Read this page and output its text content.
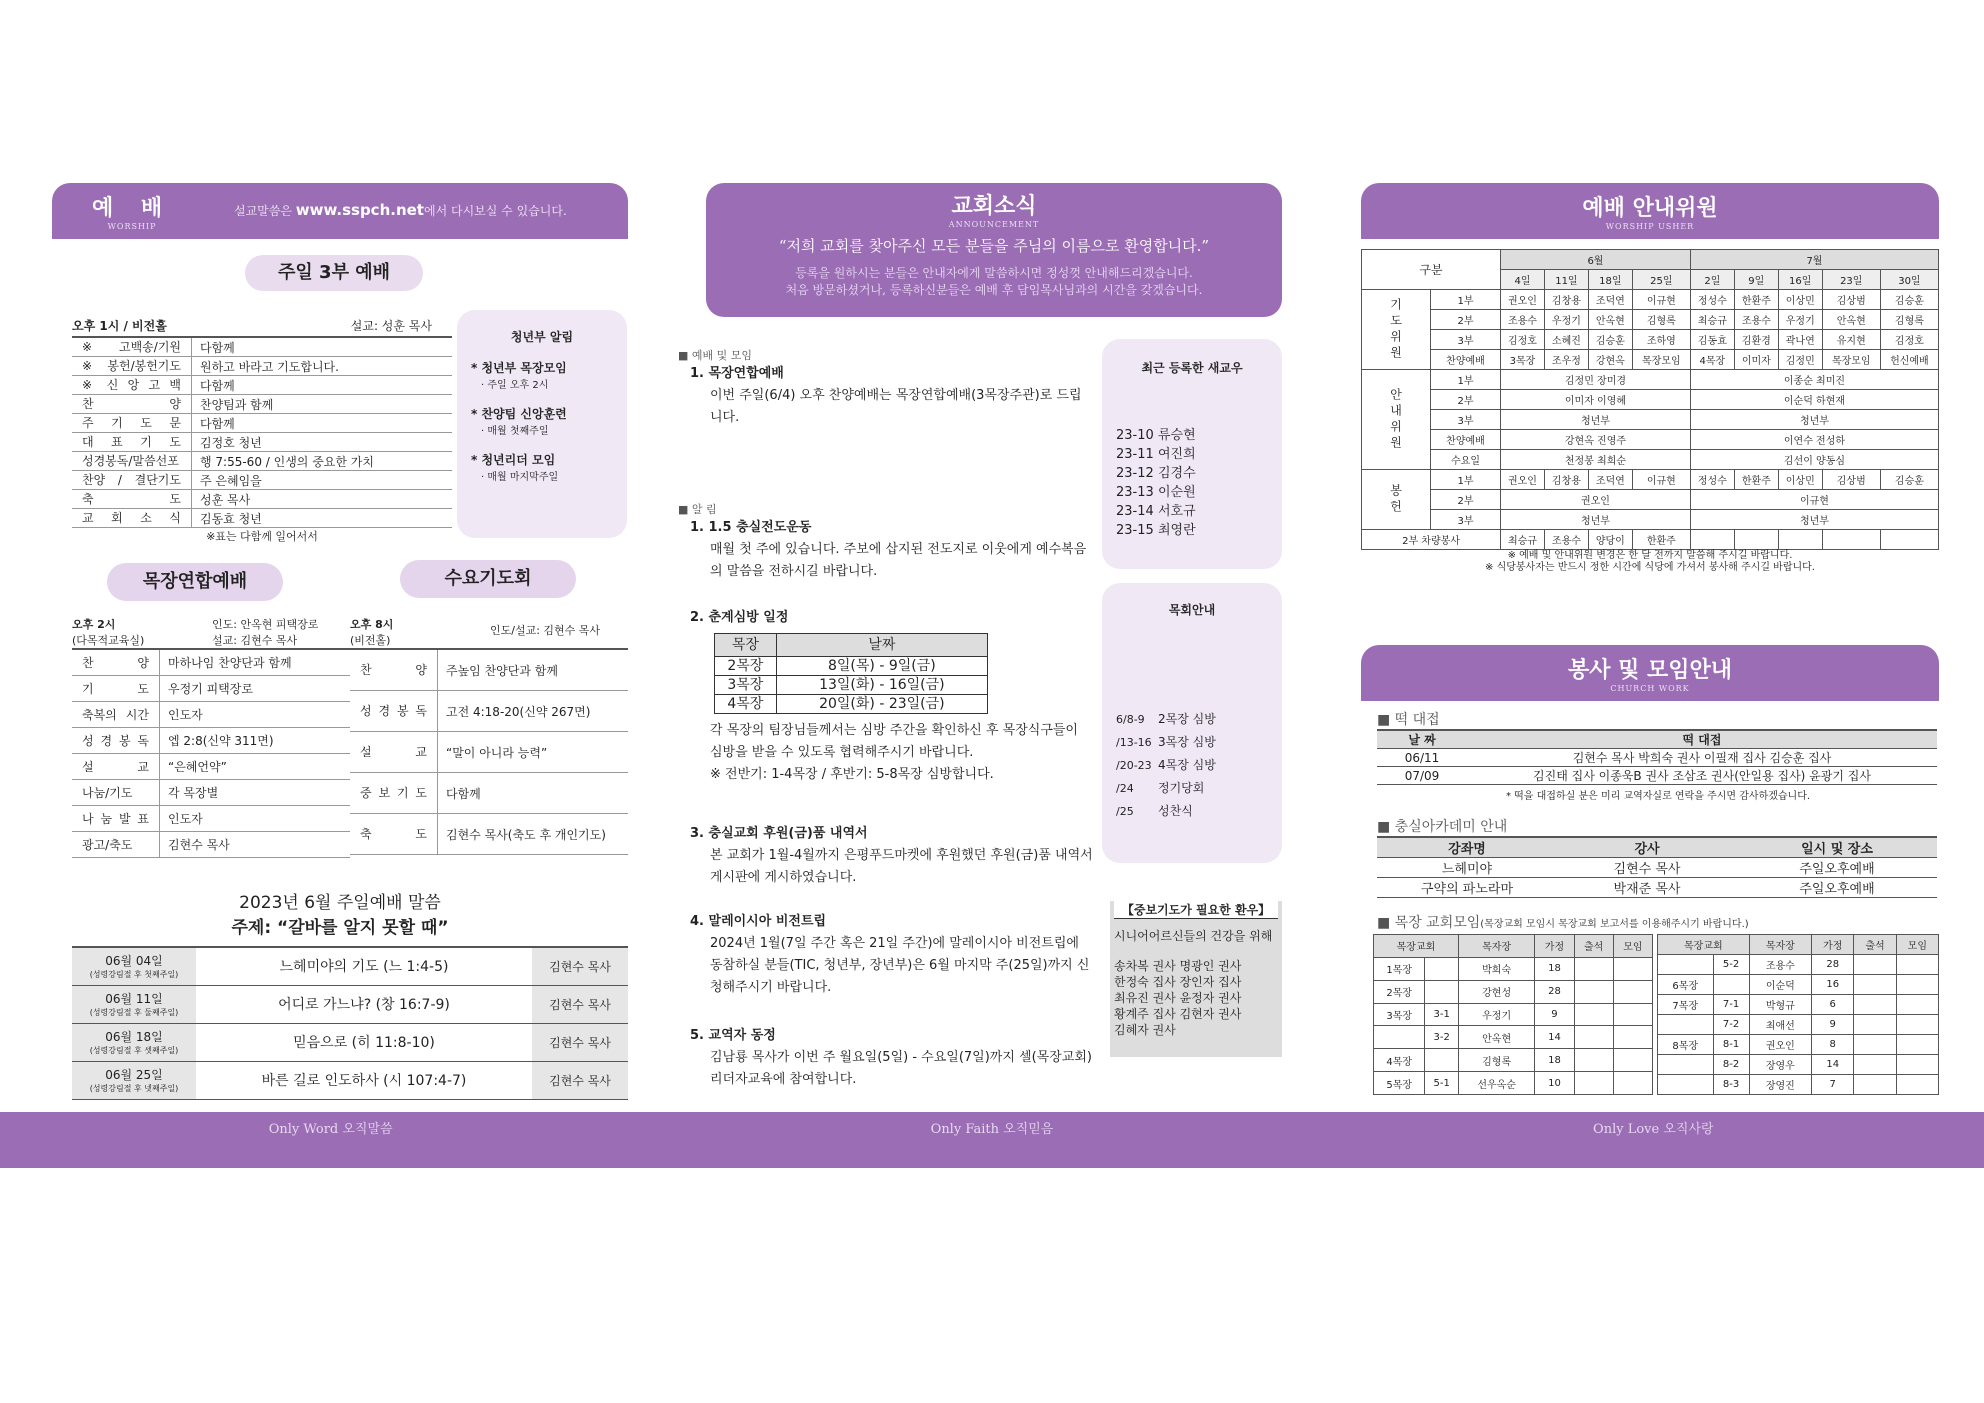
예 배
WORSHIP
설교말씀은 www.sspch.net에서 다시보실 수 있습니다.
주일 3부 예배
오후 1시 / 비전홀	설교: 성훈 목사
※ 고백송/기원	다함께
※ 봉헌/봉헌기도	원하고 바라고 기도합니다.
※ 신 앙 고 백	다함께
찬 양	찬양팀과 함께
주 기 도 문	다함께
대 표 기 도	김정호 청년
성경봉독/말씀선포	행 7:55-60 / 인생의 중요한 가치
찬양 / 결단기도	주 은혜임을
축 도	성훈 목사
교 회 소 식	김동효 청년
※표는 다함께 일어서서
청년부 알림
* 청년부 목장모임
· 주일 오후 2시
* 찬양팀 신앙훈련
· 매월 첫째주일
* 청년리더 모임
· 매월 마지막주일
목장연합예배	수요기도회
오후 2시
(다목적교육실)
인도: 안옥현 피택장로
설교: 김현수 목사
찬 양	마하나임 찬양단과 함께
기 도	우정기 피택장로
축복의 시간	인도자
성 경 봉 독	엡 2:8(신약 311면)
설 교	“은혜언약”
나눔/기도	각 목장별
나 눔 발 표	인도자
광고/축도	김현수 목사
오후 8시
(비전홀)
인도/설교: 김현수 목사
찬 양	주높임 찬양단과 함께
성 경 봉 독	고전 4:18-20(신약 267면)
설 교	“말이 아니라 능력”
중 보 기 도	다함께
축 도	김현수 목사(축도 후 개인기도)
2023년 6월 주일예배 말씀
주제: “갈바를 알지 못할 때”
06월 04일
(성령강림절 후 첫째주일)	느헤미야의 기도 (느 1:4-5)	김현수 목사

06월 11일
(성령강림절 후 둘째주일)	어디로 가느냐? (창 16:7-9)	김현수 목사

06월 18일
(성령강림절 후 셋째주일)	믿음으로 (히 11:8-10)	김현수 목사

06월 25일
(성령강림절 후 넷째주일)	바른 길로 인도하사 (시 107:4-7)	김현수 목사
교회소식
ANNOUNCEMENT
“저희 교회를 찾아주신 모든 분들을 주님의 이름으로 환영합니다.”
등록을 원하시는 분들은 안내자에게 말씀하시면 정성껏 안내해드리겠습니다.
처음 방문하셨거나, 등록하신분들은 예배 후 담임목사님과의 시간을 갖겠습니다.
■ 예배 및 모임
1. 목장연합예배
이번 주일(6/4) 오후 찬양예배는 목장연합예배(3목장주관)로 드립니다.
■ 알 림
1. 1.5 충실전도운동
매월 첫 주에 있습니다. 주보에 삽지된 전도지로 이웃에게 예수복음의 말씀을 전하시길 바랍니다.
2. 춘계심방 일정
목장	날짜
2목장	8일(목) - 9일(금)
3목장	13일(화) - 16일(금)
4목장	20일(화) - 23일(금)
각 목장의 팀장님들께서는 심방 주간을 확인하신 후 목장식구들이 심방을 받을 수 있도록 협력해주시기 바랍니다.
※ 전반기: 1-4목장 / 후반기: 5-8목장 심방합니다.
3. 충실교회 후원(금)품 내역서
본 교회가 1월-4월까지 은평푸드마켓에 후원했던 후원(금)품 내역서 게시판에 게시하였습니다.
4. 말레이시아 비전트립
2024년 1월(7일 주간 혹은 21일 주간)에 말레이시아 비전트립에 동참하실 분들(TIC, 청년부, 장년부)은 6월 마지막 주(25일)까지 신청해주시기 바랍니다.
5. 교역자 동정
김남룡 목사가 이번 주 월요일(5일) - 수요일(7일)까지 셀(목장교회)리더자교육에 참여합니다.
최근 등록한 새교우
23-10 류승현
23-11 여진희
23-12 김경수
23-13 이순원
23-14 서호규
23-15 최영란
목회안내
6/8-9 2목장 심방
/13-16 3목장 심방
/20-23 4목장 심방
/24 정기당회
/25 성찬식
【중보기도가 필요한 환우】
시니어어르신들의 건강을 위해
송차복 권사 명광인 권사
한정숙 집사 장인자 집사
최유진 권사 윤정자 권사
황계주 집사 김현자 권사
김혜자 권사
예배 안내위원
WORSHIP USHER
구분		6월				7월				
		4일	11일	18일	25일	2일	9일	16일	23일	30일
기도위원	1부	권오인	김창용	조덕연	이규현	정성수	한환주	이상민	김상범	김승훈
	2부	조용수	우정기	안옥현	김형록	최승규	조용수	우정기	안옥현	김형록
	3부	김정호	소혜진	김승훈	조하영	김동효	김환경	곽나연	유지현	김정호
	찬양예배	3목장	조우정	강현옥	목장모임	4목장	이미자	김정민	목장모임	헌신예배
안내위원	1부	김정민 장미경				이종순 최미진				
	2부	이미자 이영혜				이순덕 하현재				
	3부	청년부				청년부				
	찬양예배	강현옥 진영주				이연수 전성하				
	수요일	천정봉 최희순				김선이 양동심				
봉헌	1부	권오인	김창용	조덕연	이규현	정성수	한환주	이상민	김상범	김승훈
	2부	권오인				이규현				
	3부	청년부				청년부				
2부 차량봉사		최승규	조용수	양당이	한환주					
※ 예배 및 안내위원 변경은 한 달 전까지 말씀해 주시길 바랍니다.
※ 식당봉사자는 반드시 정한 시간에 식당에 가셔서 봉사해 주시길 바랍니다.
봉사 및 모임안내
CHURCH WORK
■ 떡 대접
날 짜	떡 대접
06/11	김현수 목사 박희숙 권사 이필재 집사 김승훈 집사
07/09	김진태 집사 이종욱B 권사 조삼조 권사(안일용 집사) 윤광기 집사
* 떡을 대접하실 분은 미리 교역자실로 연락을 주시면 감사하겠습니다.
■ 충실아카데미 안내
강좌명	강사	일시 및 장소
느헤미야	김현수 목사	주일오후예배
구약의 파노라마	박재준 목사	주일오후예배
■ 목장 교회모임(목장교회 모임시 목장교회 보고서를 이용해주시기 바랍니다.)
목장교회		목자장	가정	출석	모임
1목장		박희숙	18		
2목장		강현성	28		
3목장	3-1	우정기	9		
	3-2	안옥현	14		
4목장		김형록	18		
5목장	5-1	선우옥순	10		
목장교회		목자장	가정	출석	모임
	5-2	조용수	28		
6목장		이순덕	16		
7목장	7-1	박형규	6		
	7-2	최애선	9		
8목장	8-1	권오인	8		
	8-2	장영우	14		
	8-3	장영진	7		
Only Word 오직말씀	Only Faith 오직믿음	Only Love 오직사랑
